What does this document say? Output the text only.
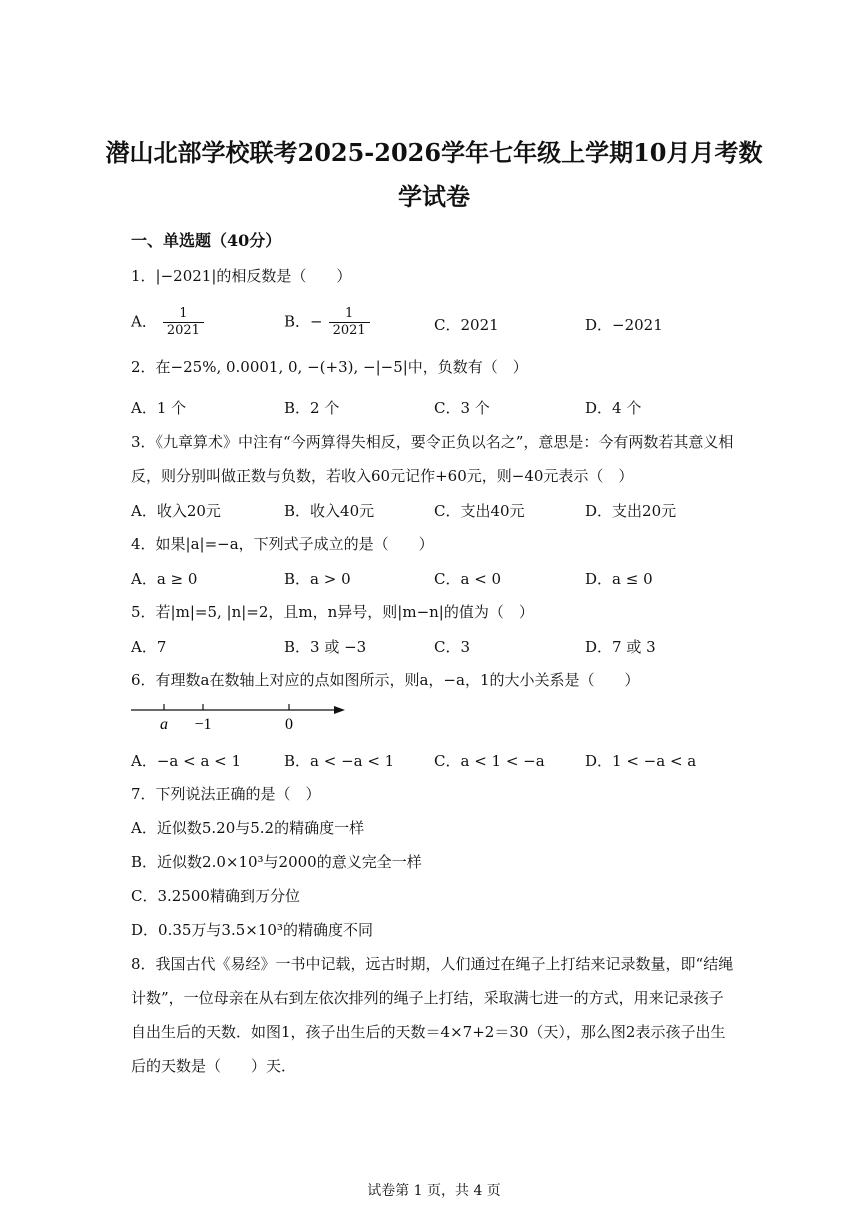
潜山北部学校联考2025-2026学年七年级上学期10月月考数
学试卷
一、单选题（40分）
1．|−2021|的相反数是（　　）
A． $\frac{1}{2021}$	B．− $\frac{1}{2021}$	C．2021	D．−2021
2．在−25%, 0.0001, 0, −(+3), −|−5|中，负数有（　）
A．1 个	B．2 个	C．3 个	D．4 个
3．《九章算术》中注有“今两算得失相反，要令正负以名之”，意思是：今有两数若其意义相
反，则分别叫做正数与负数，若收入60元记作+60元，则−40元表示（　）
A．收入20元	B．收入40元	C．支出40元	D．支出20元
4．如果|a|=−a，下列式子成立的是（　　）
A．a ≥ 0	B．a > 0	C．a < 0	D．a ≤ 0
5．若|m|=5, |n|=2，且m，n异号，则|m−n|的值为（　）
A．7	B．3 或 −3	C．3	D．7 或 3
6．有理数a在数轴上对应的点如图所示，则a，−a，1的大小关系是（　　）
a −1	0
A．−a < a < 1	B．a < −a < 1	C．a < 1 < −a	D．1 < −a < a
7．下列说法正确的是（　）
A．近似数5.20与5.2的精确度一样
B．近似数2.0×10³与2000的意义完全一样
C．3.2500精确到万分位
D．0.35万与3.5×10³的精确度不同
8．我国古代《易经》一书中记载，远古时期，人们通过在绳子上打结来记录数量，即“结绳
计数”，一位母亲在从右到左依次排列的绳子上打结，采取满七进一的方式，用来记录孩子
自出生后的天数．如图1，孩子出生后的天数＝4×7+2＝30（天），那么图2表示孩子出生
后的天数是（　　）天．
试卷第 1 页，共 4 页
